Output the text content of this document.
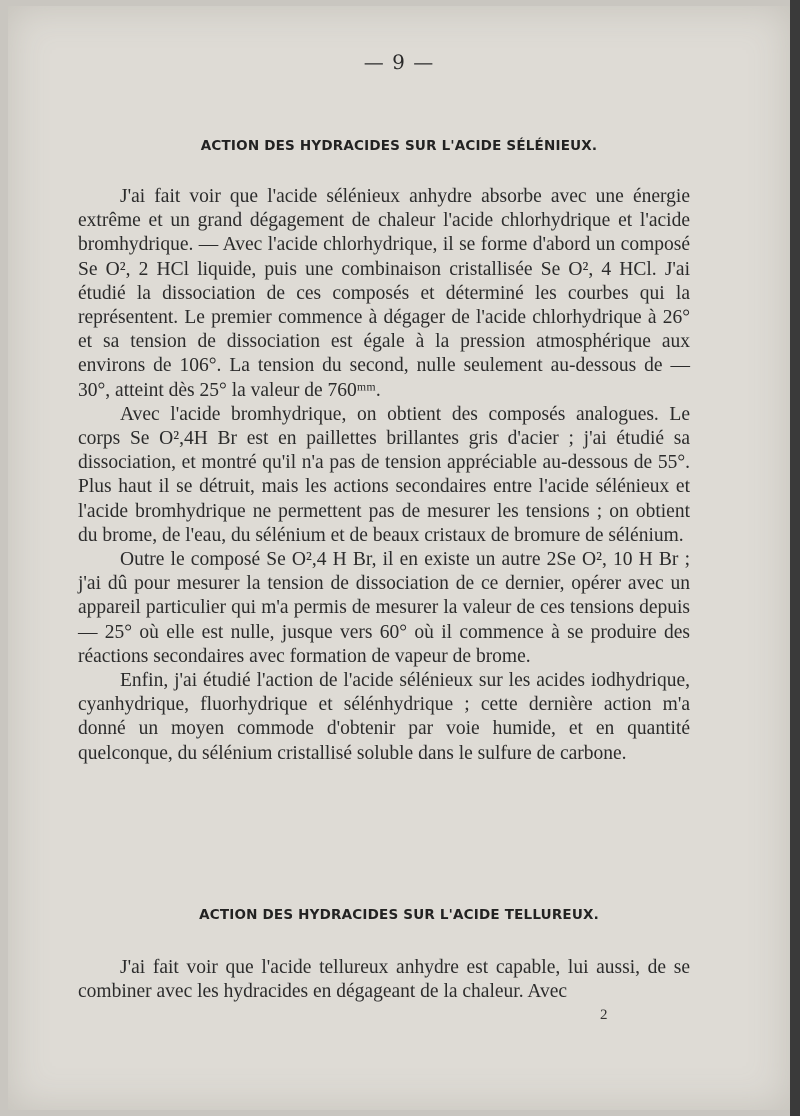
— 9 —
ACTION DES HYDRACIDES SUR L'ACIDE SÉLÉNIEUX.

J'ai fait voir que l'acide sélénieux anhydre absorbe avec une énergie extrême et un grand dégagement de chaleur l'acide chlorhydrique et l'acide bromhydrique. — Avec l'acide chlorhydrique, il se forme d'abord un composé Se O², 2 HCl liquide, puis une combinaison cristallisée Se O², 4 HCl. J'ai étudié la dissociation de ces composés et déterminé les courbes qui la représentent. Le premier commence à dégager de l'acide chlorhydrique à 26° et sa tension de dissociation est égale à la pression atmosphérique aux environs de 106°. La tension du second, nulle seulement au-dessous de — 30°, atteint dès 25° la valeur de 760ᵐᵐ.

Avec l'acide bromhydrique, on obtient des composés analogues. Le corps Se O²,4H Br est en paillettes brillantes gris d'acier ; j'ai étudié sa dissociation, et montré qu'il n'a pas de tension appréciable au-dessous de 55°. Plus haut il se détruit, mais les actions secondaires entre l'acide sélénieux et l'acide bromhydrique ne permettent pas de mesurer les tensions ; on obtient du brome, de l'eau, du sélénium et de beaux cristaux de bromure de sélénium.

Outre le composé Se O²,4 H Br, il en existe un autre 2Se O², 10 H Br ; j'ai dû pour mesurer la tension de dissociation de ce dernier, opérer avec un appareil particulier qui m'a permis de mesurer la valeur de ces tensions depuis — 25° où elle est nulle, jusque vers 60° où il commence à se produire des réactions secondaires avec formation de vapeur de brome.

Enfin, j'ai étudié l'action de l'acide sélénieux sur les acides iodhydrique, cyanhydrique, fluorhydrique et sélénhydrique ; cette dernière action m'a donné un moyen commode d'obtenir par voie humide, et en quantité quelconque, du sélénium cristallisé soluble dans le sulfure de carbone.

ACTION DES HYDRACIDES SUR L'ACIDE TELLUREUX.

J'ai fait voir que l'acide tellureux anhydre est capable, lui aussi, de se combiner avec les hydracides en dégageant de la chaleur. Avec

2
